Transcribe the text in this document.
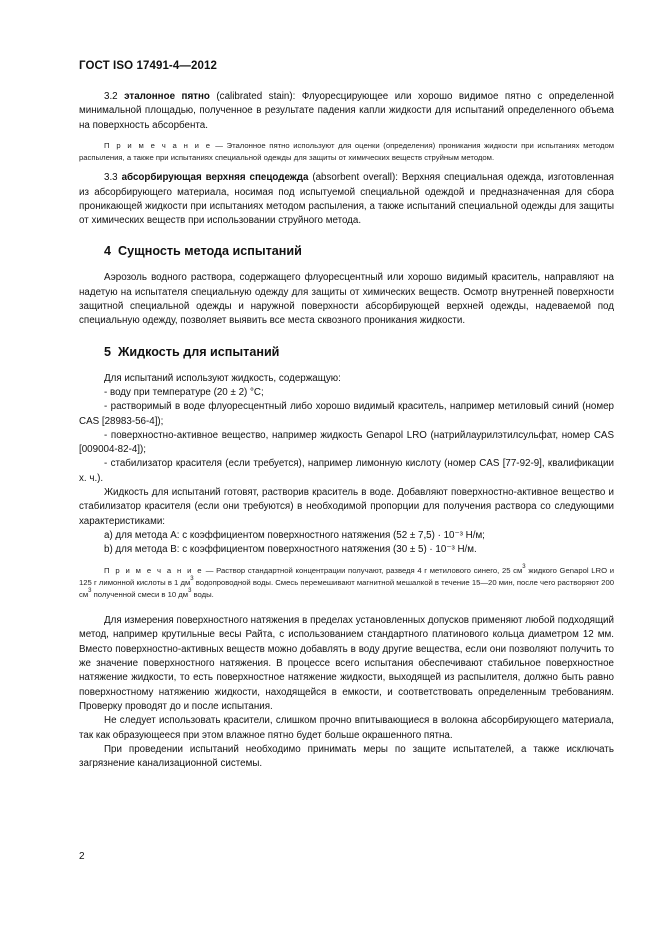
ГОСТ ISO 17491-4—2012

3.2 эталонное пятно (calibrated stain): Флуоресцирующее или хорошо видимое пятно с определенной минимальной площадью, полученное в результате падения капли жидкости для испытаний определенного объема на поверхность абсорбента.

П р и м е ч а н и е — Эталонное пятно используют для оценки (определения) проникания жидкости при испытаниях методом распыления, а также при испытаниях специальной одежды для защиты от химических веществ струйным методом.

3.3 абсорбирующая верхняя спецодежда (absorbent overall): Верхняя специальная одежда, изготовленная из абсорбирующего материала, носимая под испытуемой специальной одеждой и предназначенная для сбора проникающей жидкости при испытаниях методом распыления, а также испытаний специальной одежды для защиты от химических веществ при использовании струйного метода.

4 Сущность метода испытаний

Аэрозоль водного раствора, содержащего флуоресцентный или хорошо видимый краситель, направляют на надетую на испытателя специальную одежду для защиты от химических веществ. Осмотр внутренней поверхности защитной специальной одежды и наружной поверхности абсорбирующей верхней одежды, надеваемой под специальную одежду, позволяет выявить все места сквозного проникания жидкости.

5 Жидкость для испытаний

Для испытаний используют жидкость, содержащую:

- воду при температуре (20 ± 2) °С;

- растворимый в воде флуоресцентный либо хорошо видимый краситель, например метиловый синий (номер CAS [28983-56-4]);

- поверхностно-активное вещество, например жидкость Genapol LRO (натрийлаурилэтилсульфат, номер CAS [009004-82-4]);

- стабилизатор красителя (если требуется), например лимонную кислоту (номер CAS [77-92-9], квалификации х. ч.).

Жидкость для испытаний готовят, растворив краситель в воде. Добавляют поверхностно-активное вещество и стабилизатор красителя (если они требуются) в необходимой пропорции для получения раствора со следующими характеристиками:

a) для метода А: с коэффициентом поверхностного натяжения (52 ± 7,5) · 10⁻³ Н/м;

b) для метода В: с коэффициентом поверхностного натяжения (30 ± 5) · 10⁻³ Н/м.

П р и м е ч а н и е — Раствор стандартной концентрации получают, разведя 4 г метилового синего, 25 $см^3$ жидкого Genapol LRO и 125 г лимонной кислоты в 1 $дм^3$ водопроводной воды. Смесь перемешивают магнитной мешалкой в течение 15—20 мин, после чего растворяют 200 $см^3$ полученной смеси в 10 $дм^3$ воды.

Для измерения поверхностного натяжения в пределах установленных допусков применяют любой подходящий метод, например крутильные весы Райта, с использованием стандартного платинового кольца диаметром 12 мм. Вместо поверхностно-активных веществ можно добавлять в воду другие вещества, если они позволяют получить то же значение поверхностного натяжения. В процессе всего испытания обеспечивают стабильное поверхностное натяжение жидкости, то есть поверхностное натяжение жидкости, выходящей из распылителя, должно быть равно поверхностному натяжению жидкости, находящейся в емкости, и соответствовать определенным требованиям. Проверку проводят до и после испытания.

Не следует использовать красители, слишком прочно впитывающиеся в волокна абсорбирующего материала, так как образующееся при этом влажное пятно будет больше окрашенного пятна.

При проведении испытаний необходимо принимать меры по защите испытателей, а также исключать загрязнение канализационной системы.

2
